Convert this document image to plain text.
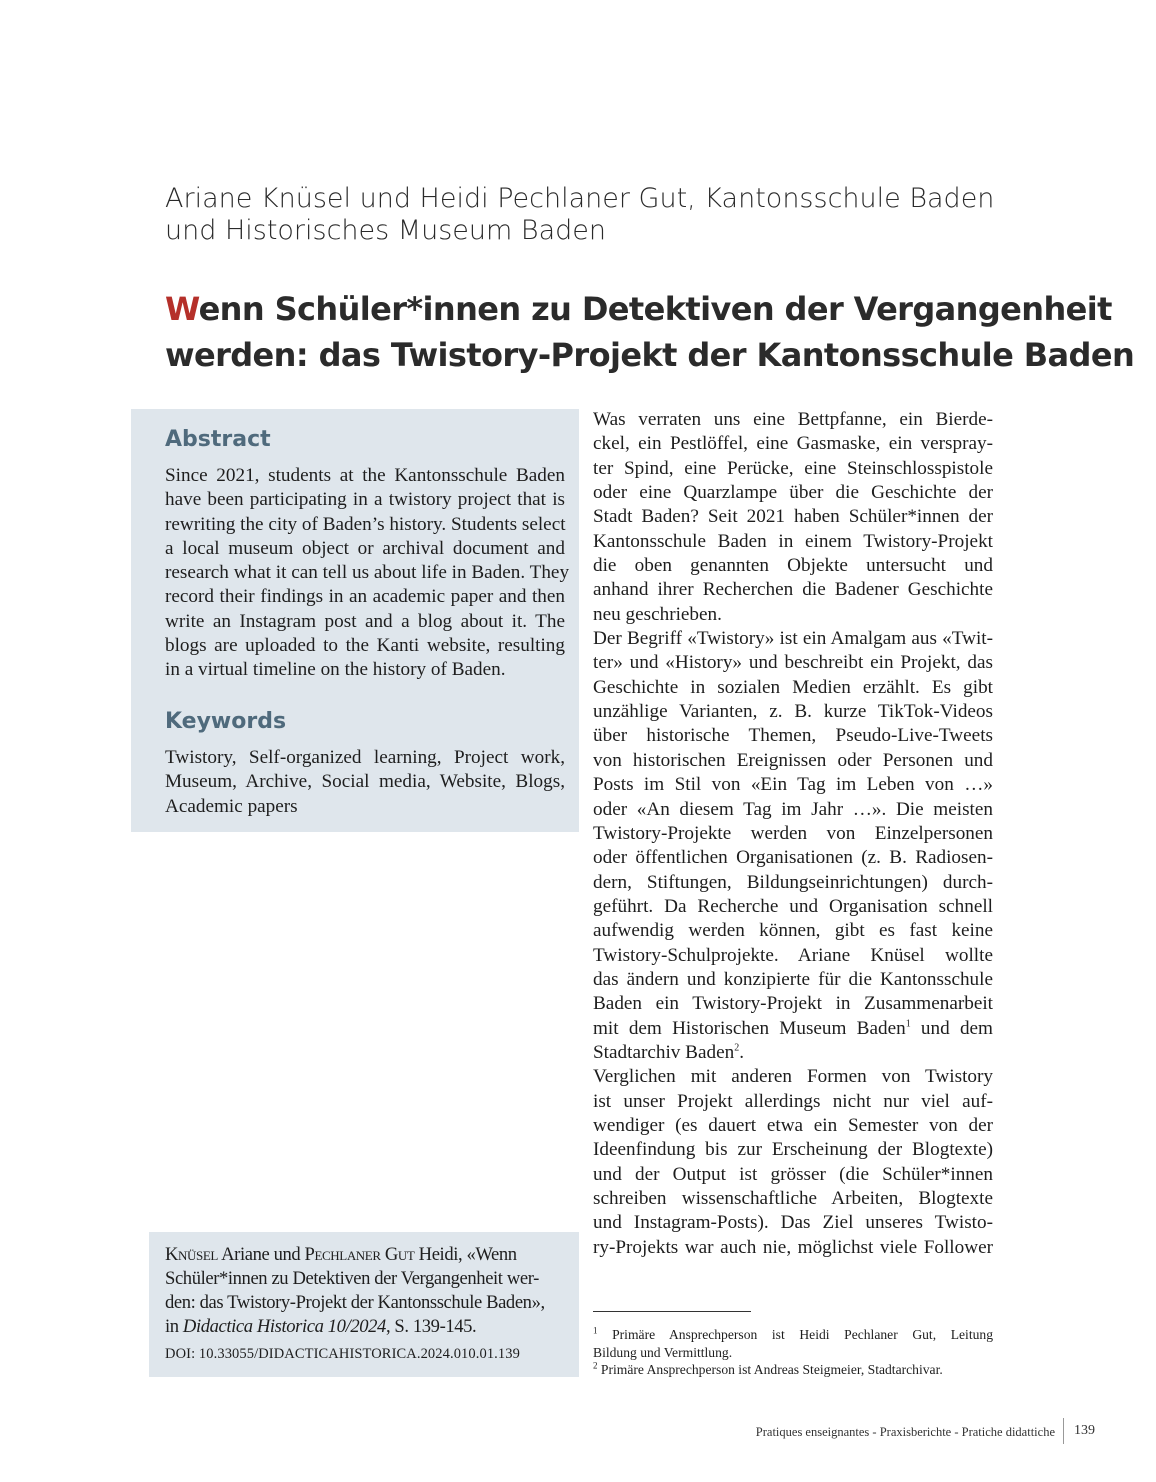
Ariane Knüsel und Heidi Pechlaner Gut, Kantonsschule Baden
und Historisches Museum Baden
Wenn Schüler*innen zu Detektiven der Vergangenheit
werden: das Twistory-Projekt der Kantonsschule Baden
Abstract
Since 2021, students at the Kantonsschule Baden
have been participating in a twistory project that is
rewriting the city of Baden’s history. Students select
a local museum object or archival document and
research what it can tell us about life in Baden. They
record their findings in an academic paper and then
write an Instagram post and a blog about it. The
blogs are uploaded to the Kanti website, resulting
in a virtual timeline on the history of Baden.
Keywords
Twistory, Self-organized learning, Project work,
Museum, Archive, Social media, Website, Blogs,
Academic papers
Knüsel Ariane und Pechlaner Gut Heidi, «Wenn
Schüler*innen zu Detektiven der Vergangenheit wer-
den: das Twistory-Projekt der Kantonsschule Baden»,
in Didactica Historica 10/2024, S. 139-145.
DOI: 10.33055/DIDACTICAHISTORICA.2024.010.01.139
Was verraten uns eine Bettpfanne, ein Bierde-
ckel, ein Pestlöffel, eine Gasmaske, ein verspray-
ter Spind, eine Perücke, eine Steinschlosspistole
oder eine Quarzlampe über die Geschichte der
Stadt Baden? Seit 2021 haben Schüler*innen der
Kantonsschule Baden in einem Twistory-Projekt
die oben genannten Objekte untersucht und
anhand ihrer Recherchen die Badener Geschichte
neu geschrieben.
Der Begriff «Twistory» ist ein Amalgam aus «Twit-
ter» und «History» und beschreibt ein Projekt, das
Geschichte in sozialen Medien erzählt. Es gibt
unzählige Varianten, z. B. kurze TikTok-Videos
über historische Themen, Pseudo-Live-Tweets
von historischen Ereignissen oder Personen und
Posts im Stil von «Ein Tag im Leben von …»
oder «An diesem Tag im Jahr …». Die meisten
Twistory-Projekte werden von Einzelpersonen
oder öffentlichen Organisationen (z. B. Radiosen-
dern, Stiftungen, Bildungseinrichtungen) durch-
geführt. Da Recherche und Organisation schnell
aufwendig werden können, gibt es fast keine
Twistory-Schulprojekte. Ariane Knüsel wollte
das ändern und konzipierte für die Kantonsschule
Baden ein Twistory-Projekt in Zusammenarbeit
mit dem Historischen Museum Baden$^1$ und dem
Stadtarchiv Baden$^2$.
Verglichen mit anderen Formen von Twistory
ist unser Projekt allerdings nicht nur viel auf-
wendiger (es dauert etwa ein Semester von der
Ideenfindung bis zur Erscheinung der Blogtexte)
und der Output ist grösser (die Schüler*innen
schreiben wissenschaftliche Arbeiten, Blogtexte
und Instagram-Posts). Das Ziel unseres Twisto-
ry-Projekts war auch nie, möglichst viele Follower
$^1$ Primäre Ansprechperson ist Heidi Pechlaner Gut, Leitung
Bildung und Vermittlung.
$^2$ Primäre Ansprechperson ist Andreas Steigmeier, Stadtarchivar.
Pratiques enseignantes - Praxisberichte - Pratiche didattiche 139
